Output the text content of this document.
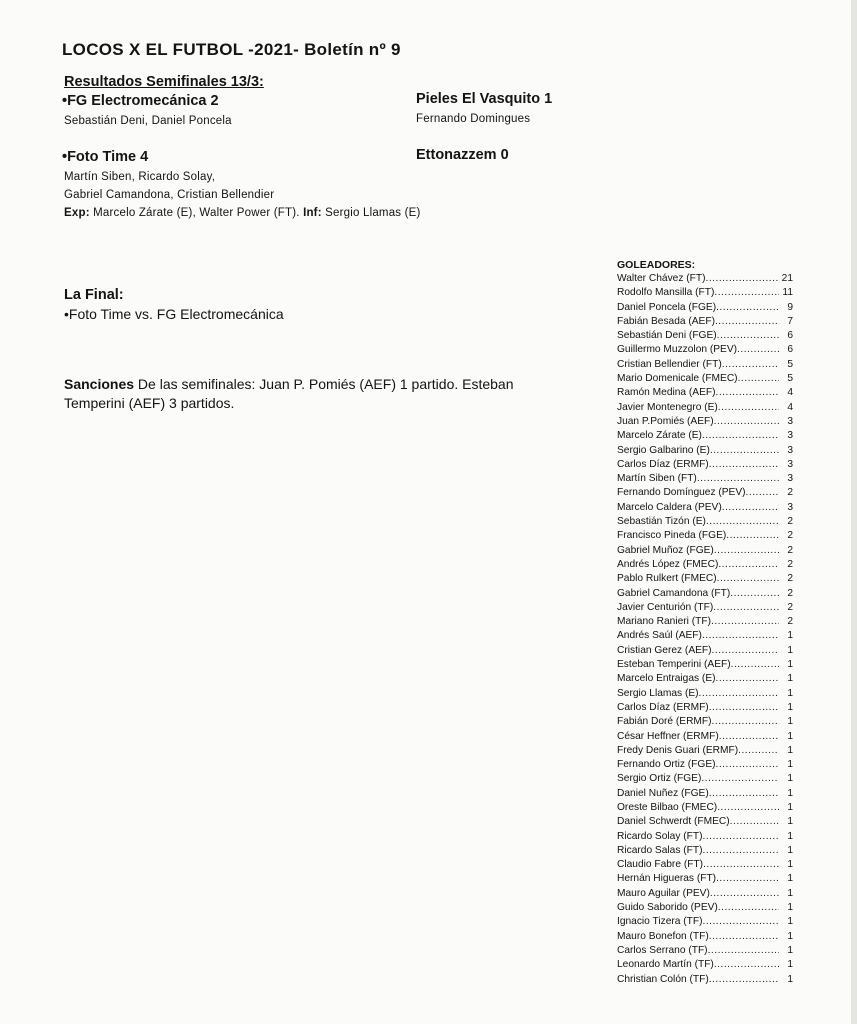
LOCOS X EL FUTBOL -2021- Boletín nº 9
Resultados Semifinales 13/3:
•FG Electromecánica 2
Sebastián Deni, Daniel Poncela
Pieles El Vasquito 1
Fernando Domingues
•Foto Time 4
Martín Siben, Ricardo Solay,
Gabriel Camandona, Cristian Bellendier
Exp: Marcelo Zárate (E), Walter Power (FT). Inf: Sergio Llamas (E)
Ettonazzem 0
La Final:
•Foto Time vs. FG Electromecánica
Sanciones De las semifinales: Juan P. Pomiés (AEF) 1 partido. Esteban Temperini (AEF) 3 partidos.
GOLEADORES:
Walter Chávez (FT) .....	21
Rodolfo Mansilla (FT) .....	11
Daniel Poncela (FGE) .....	9
Fabián Besada (AEF) .....	7
Sebastián Deni (FGE) .....	6
Guillermo Muzzolon (PEV) .....	6
Cristian Bellendier (FT) .....	5
Mario Domenicale (FMEC) .....	5
Ramón Medina (AEF) .....	4
Javier Montenegro (E) .....	4
Juan P.Pomiés (AEF) .....	3
Marcelo Zárate (E) .....	3
Sergio Galbarino (E) .....	3
Carlos Díaz (ERMF) .....	3
Martín Siben (FT) .....	3
Fernando Domínguez (PEV) .....	2
Marcelo Caldera (PEV) .....	3
Sebastián Tizón (E) .....	2
Francisco Pineda (FGE) .....	2
Gabriel Muñoz (FGE) .....	2
Andrés López (FMEC) .....	2
Pablo Rulkert (FMEC) .....	2
Gabriel Camandona (FT) .....	2
Javier Centurión (TF) .....	2
Mariano Ranieri (TF) .....	2
Andrés Saúl (AEF) .....	1
Cristian Gerez (AEF) .....	1
Esteban Temperini (AEF) .....	1
Marcelo Entraigas (E) .....	1
Sergio Llamas (E) .....	1
Carlos Díaz (ERMF) .....	1
Fabián Doré (ERMF) .....	1
César Heffner (ERMF) .....	1
Fredy Denis Guari (ERMF) .....	1
Fernando Ortiz (FGE) .....	1
Sergio Ortiz (FGE) .....	1
Daniel Nuñez (FGE) .....	1
Oreste Bilbao (FMEC) .....	1
Daniel Schwerdt (FMEC) .....	1
Ricardo Solay (FT) .....	1
Ricardo Salas (FT) .....	1
Claudio Fabre (FT) .....	1
Hernán Higueras (FT) .....	1
Mauro Aguilar (PEV) .....	1
Guido Saborido (PEV) .....	1
Ignacio Tizera (TF) .....	1
Mauro Bonefon (TF) .....	1
Carlos Serrano (TF) .....	1
Leonardo Martín (TF) .....	1
Christian Colón (TF) .....	1
